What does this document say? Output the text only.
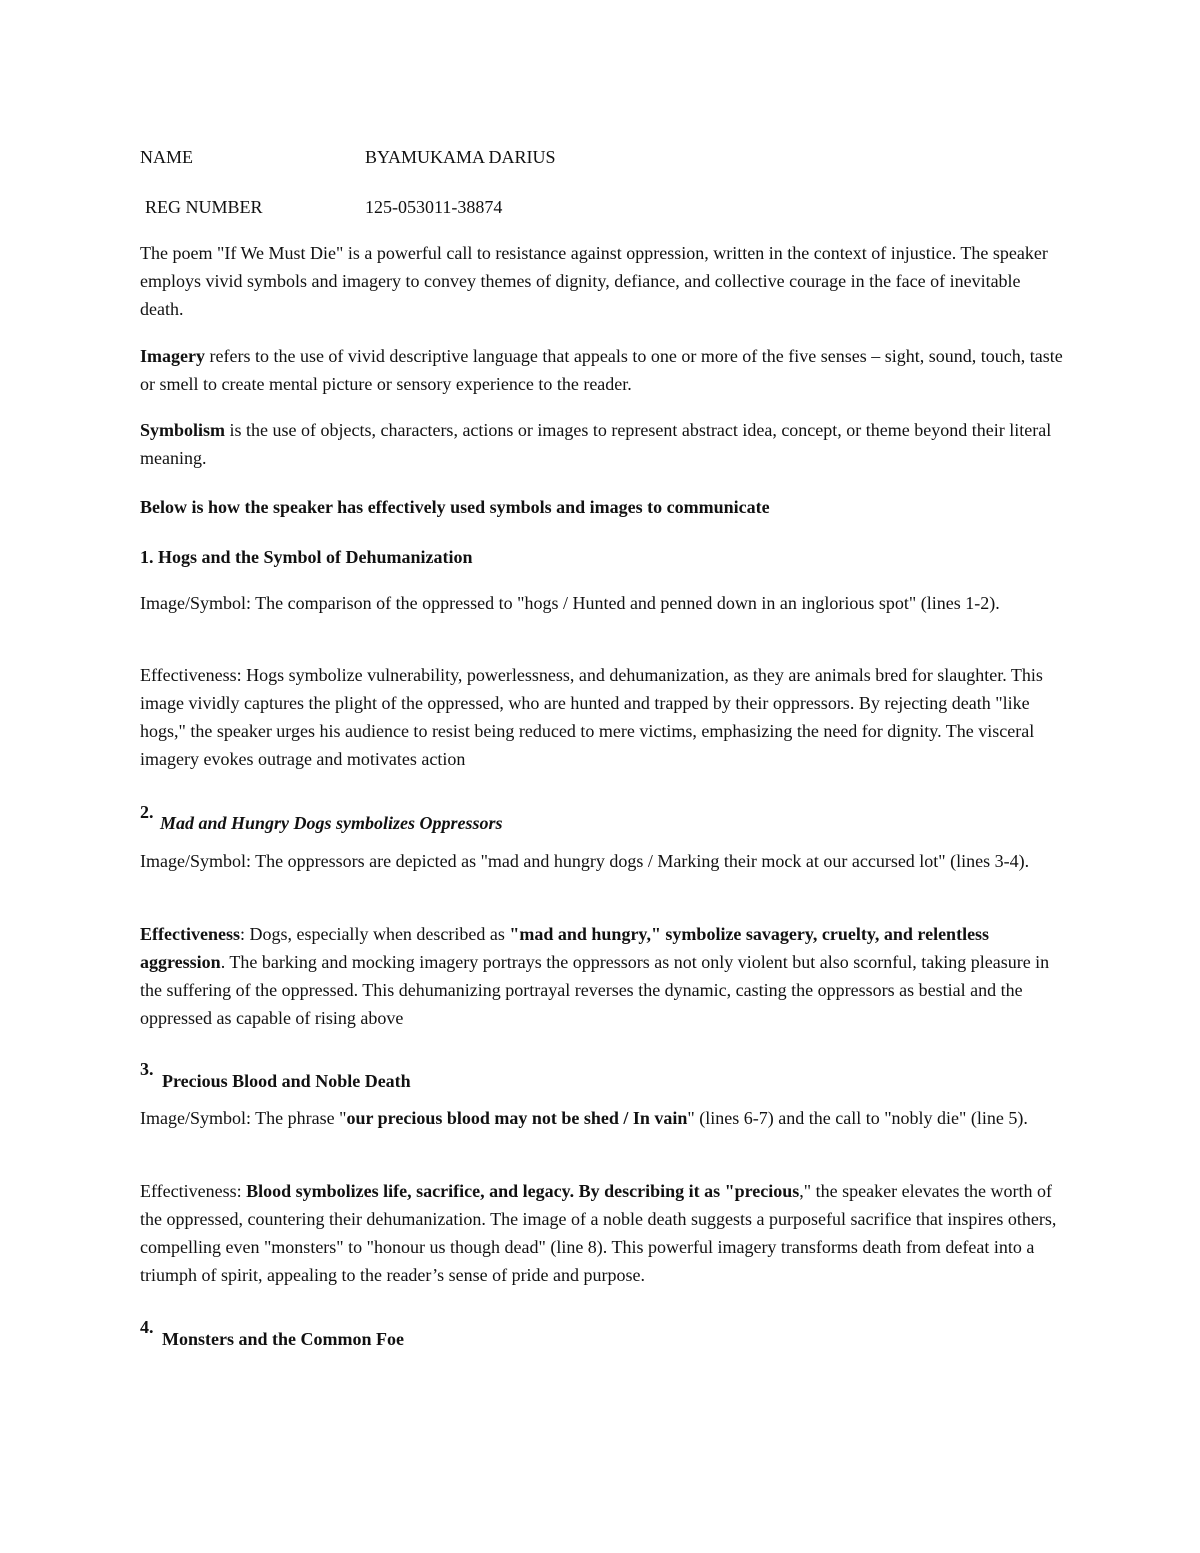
NAME	BYAMUKAMA DARIUS
REG NUMBER	125-053011-38874

The poem "If We Must Die" is a powerful call to resistance against oppression, written in the context of injustice. The speaker employs vivid symbols and imagery to convey themes of dignity, defiance, and collective courage in the face of inevitable death.

Imagery refers to the use of vivid descriptive language that appeals to one or more of the five senses – sight, sound, touch, taste or smell to create mental picture or sensory experience to the reader.

Symbolism is the use of objects, characters, actions or images to represent abstract idea, concept, or theme beyond their literal meaning.

Below is how the speaker has effectively used symbols and images to communicate

1. Hogs and the Symbol of Dehumanization

Image/Symbol: The comparison of the oppressed to "hogs / Hunted and penned down in an inglorious spot" (lines 1-2).

Effectiveness: Hogs symbolize vulnerability, powerlessness, and dehumanization, as they are animals bred for slaughter. This image vividly captures the plight of the oppressed, who are hunted and trapped by their oppressors. By rejecting death "like hogs," the speaker urges his audience to resist being reduced to mere victims, emphasizing the need for dignity. The visceral imagery evokes outrage and motivates action

2.
Mad and Hungry Dogs symbolizes Oppressors

Image/Symbol: The oppressors are depicted as "mad and hungry dogs / Marking their mock at our accursed lot" (lines 3-4).

Effectiveness: Dogs, especially when described as "mad and hungry," symbolize savagery, cruelty, and relentless aggression. The barking and mocking imagery portrays the oppressors as not only violent but also scornful, taking pleasure in the suffering of the oppressed. This dehumanizing portrayal reverses the dynamic, casting the oppressors as bestial and the oppressed as capable of rising above

3.
Precious Blood and Noble Death

Image/Symbol: The phrase "our precious blood may not be shed / In vain" (lines 6-7) and the call to "nobly die" (line 5).

Effectiveness: Blood symbolizes life, sacrifice, and legacy. By describing it as "precious," the speaker elevates the worth of the oppressed, countering their dehumanization. The image of a noble death suggests a purposeful sacrifice that inspires others, compelling even "monsters" to "honour us though dead" (line 8). This powerful imagery transforms death from defeat into a triumph of spirit, appealing to the reader’s sense of pride and purpose.

4.
Monsters and the Common Foe
